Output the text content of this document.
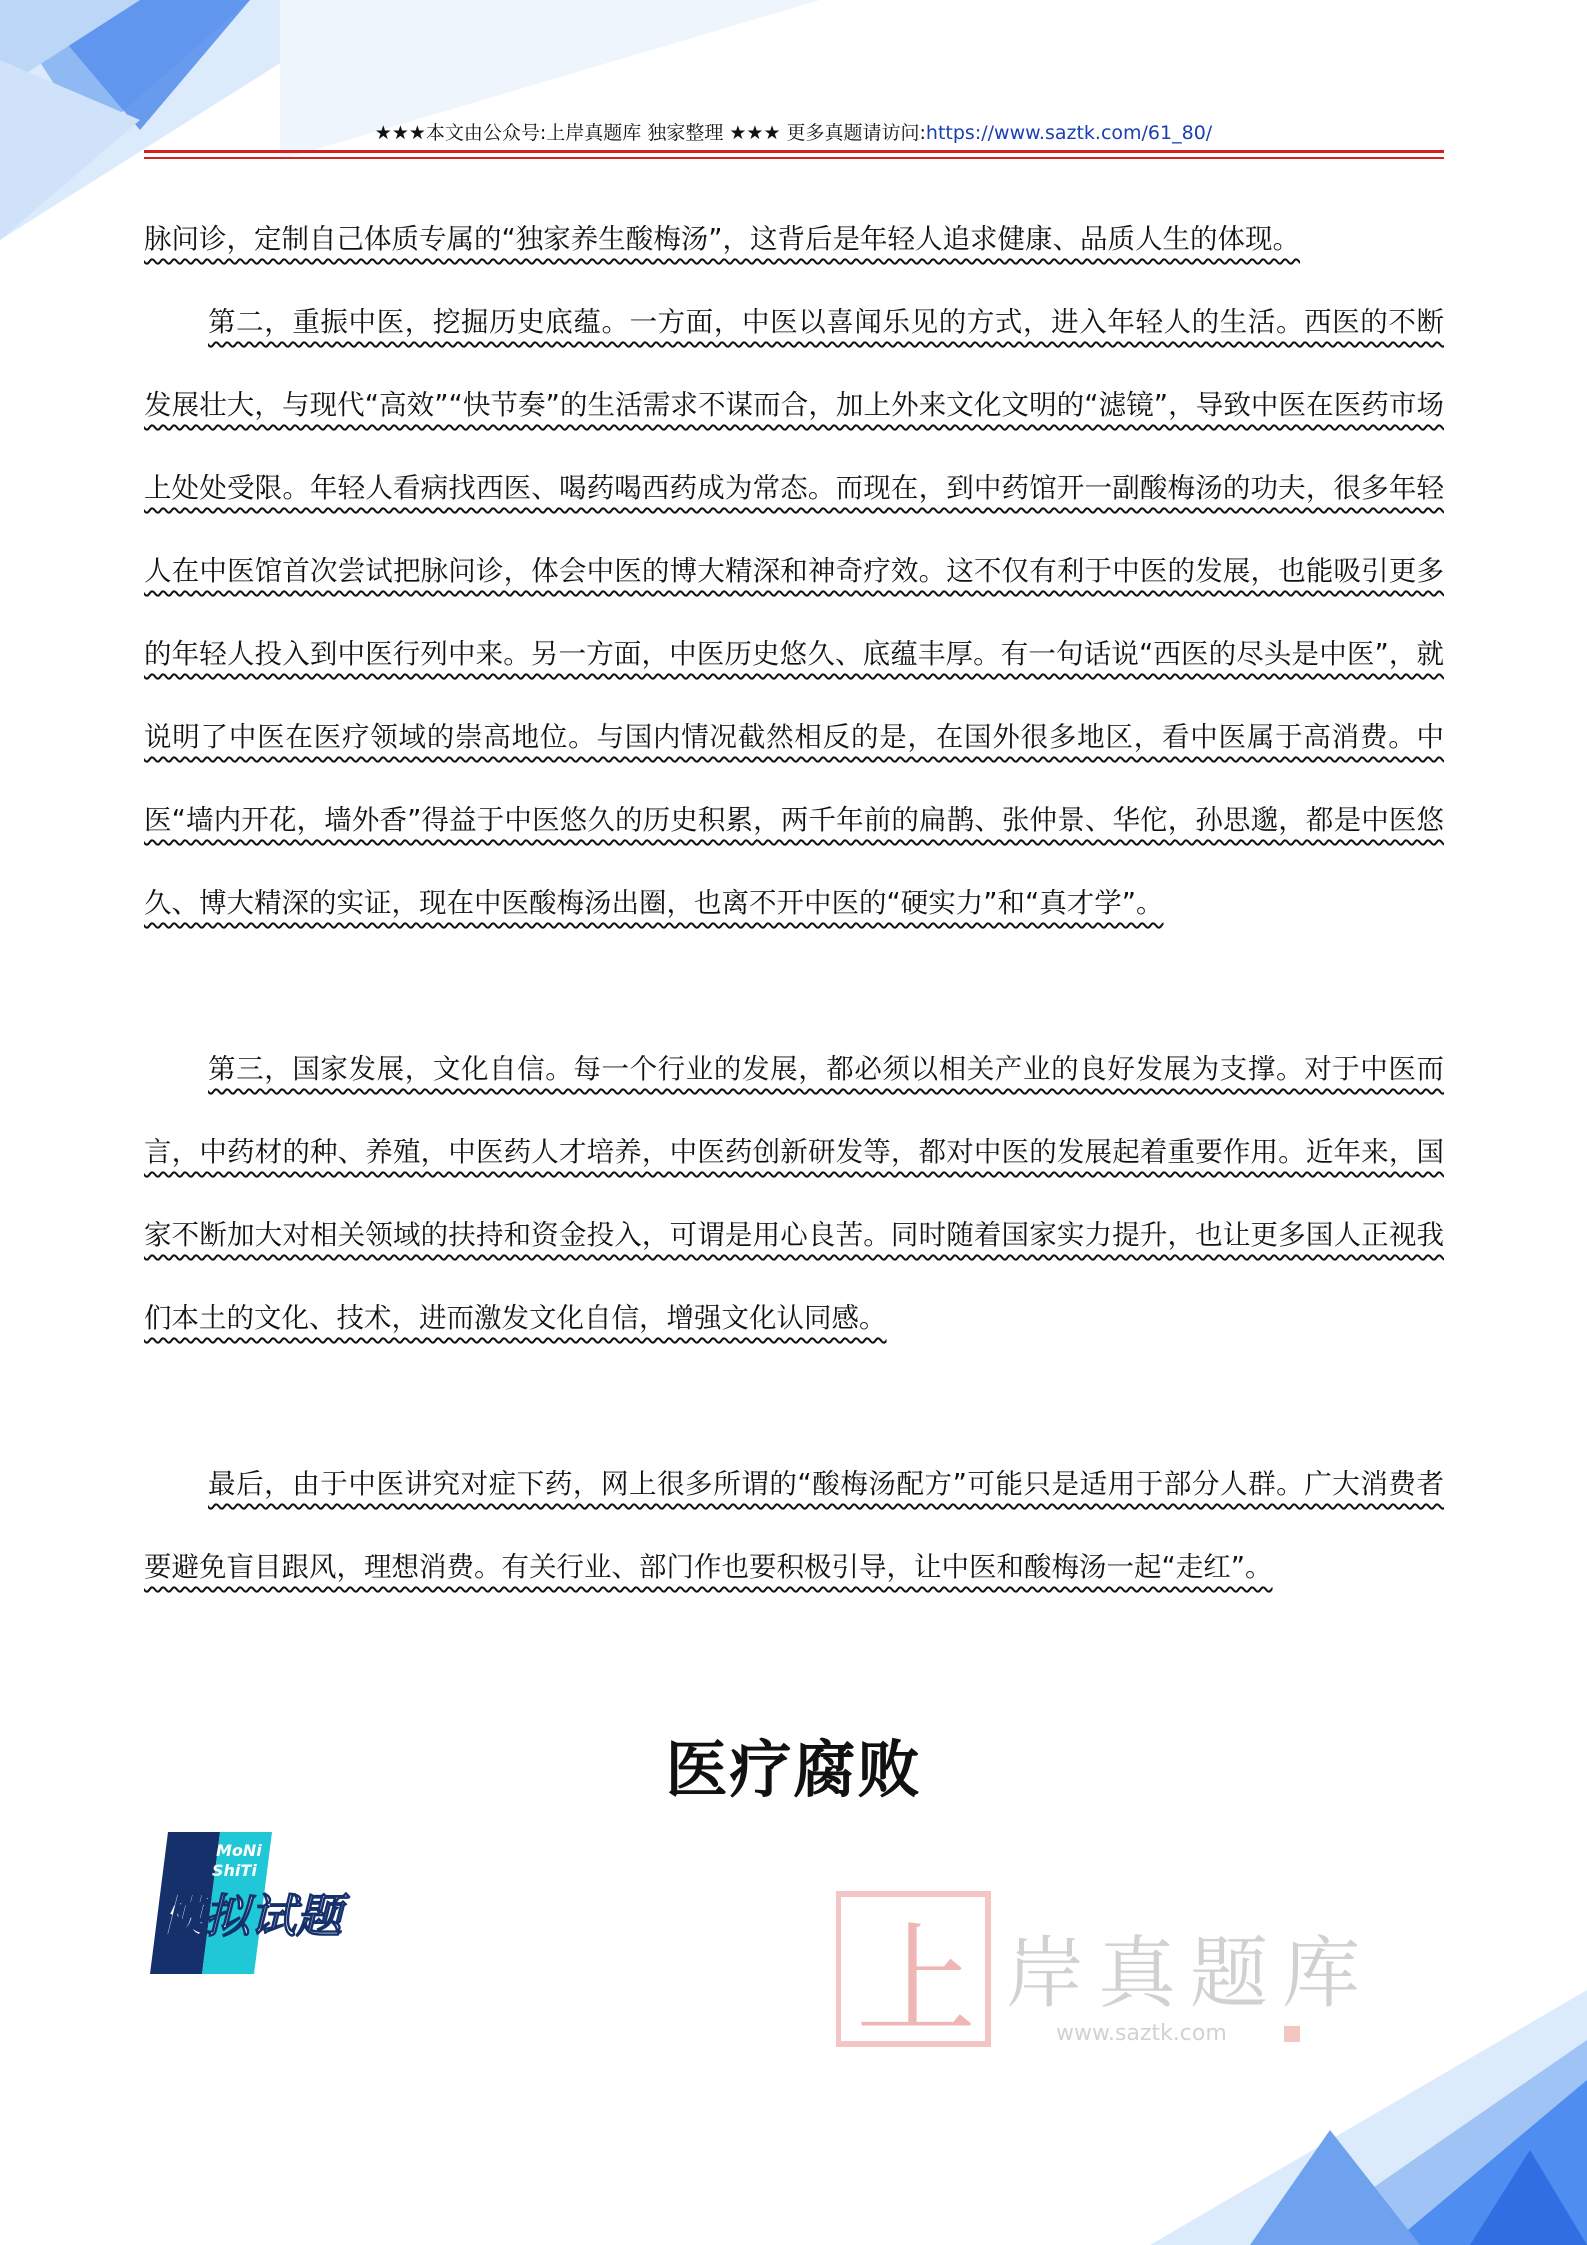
★★★本文由公众号:上岸真题库 独家整理 ★★★ 更多真题请访问:https://www.saztk.com/61_80/

脉问诊，定制自己体质专属的“独家养生酸梅汤”，这背后是年轻人追求健康、品质人生的体现。

第二，重振中医，挖掘历史底蕴。一方面，中医以喜闻乐见的方式，进入年轻人的生活。西医的不断发展壮大，与现代“高效”“快节奏”的生活需求不谋而合，加上外来文化文明的“滤镜”，导致中医在医药市场上处处受限。年轻人看病找西医、喝药喝西药成为常态。而现在，到中药馆开一副酸梅汤的功夫，很多年轻人在中医馆首次尝试把脉问诊，体会中医的博大精深和神奇疗效。这不仅有利于中医的发展，也能吸引更多的年轻人投入到中医行列中来。另一方面，中医历史悠久、底蕴丰厚。有一句话说“西医的尽头是中医”，就说明了中医在医疗领域的崇高地位。与国内情况截然相反的是，在国外很多地区，看中医属于高消费。中医“墙内开花，墙外香”得益于中医悠久的历史积累，两千年前的扁鹊、张仲景、华佗，孙思邈，都是中医悠久、博大精深的实证，现在中医酸梅汤出圈，也离不开中医的“硬实力”和“真才学”。

第三，国家发展，文化自信。每一个行业的发展，都必须以相关产业的良好发展为支撑。对于中医而言，中药材的种、养殖，中医药人才培养，中医药创新研发等，都对中医的发展起着重要作用。近年来，国家不断加大对相关领域的扶持和资金投入，可谓是用心良苦。同时随着国家实力提升，也让更多国人正视我们本土的文化、技术，进而激发文化自信，增强文化认同感。

最后，由于中医讲究对症下药，网上很多所谓的“酸梅汤配方”可能只是适用于部分人群。广大消费者要避免盲目跟风，理想消费。有关行业、部门作也要积极引导，让中医和酸梅汤一起“走红”。

医疗腐败
MoNi
ShiTi
模拟试题	上 岸真题库
www.saztk.com
